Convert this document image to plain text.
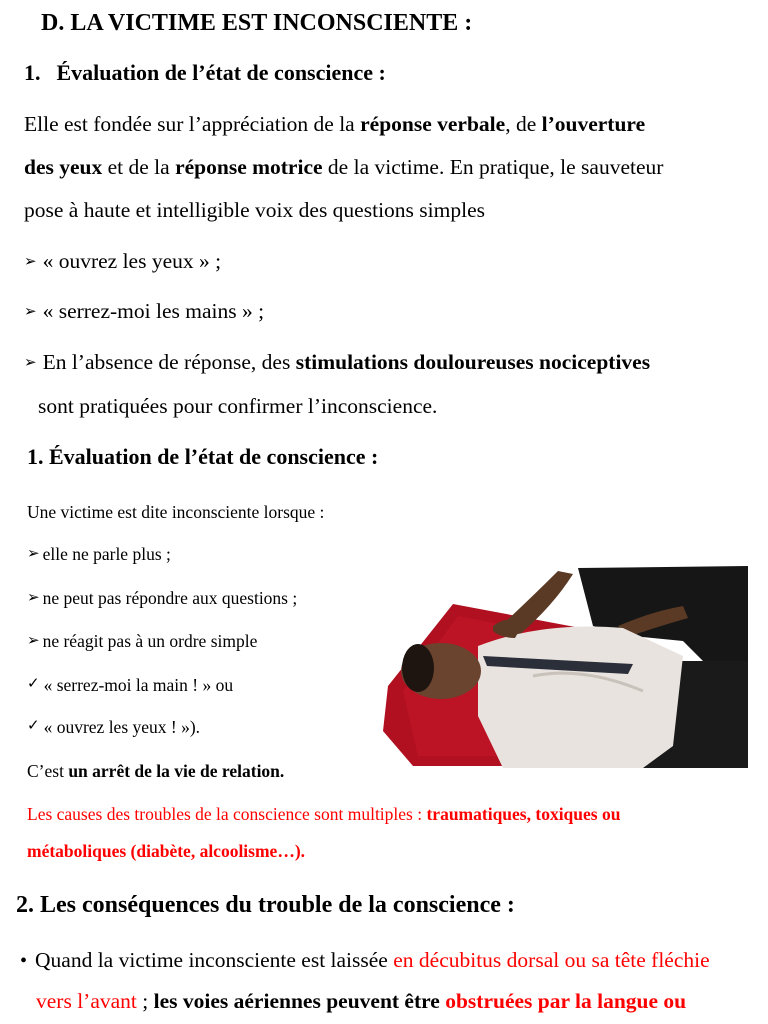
D. LA VICTIME EST INCONSCIENTE :
1. Évaluation de l’état de conscience :
Elle est fondée sur l’appréciation de la réponse verbale, de l’ouverture
des yeux et de la réponse motrice de la victime. En pratique, le sauveteur
pose à haute et intelligible voix des questions simples
➢ « ouvrez les yeux » ;
➢ « serrez-moi les mains » ;
➢ En l’absence de réponse, des stimulations douloureuses nociceptives
sont pratiquées pour confirmer l’inconscience.
1. Évaluation de l’état de conscience :
Une victime est dite inconsciente lorsque :
➢ elle ne parle plus ;
➢ ne peut pas répondre aux questions ;
➢ ne réagit pas à un ordre simple
✓ « serrez-moi la main ! » ou
✓ « ouvrez les yeux ! »).
C’est un arrêt de la vie de relation.
Les causes des troubles de la conscience sont multiples : traumatiques, toxiques ou
métaboliques (diabète, alcoolisme…).
2. Les conséquences du trouble de la conscience :
• Quand la victime inconsciente est laissée en décubitus dorsal ou sa tête fléchie
vers l’avant ; les voies aériennes peuvent être obstruées par la langue ou
